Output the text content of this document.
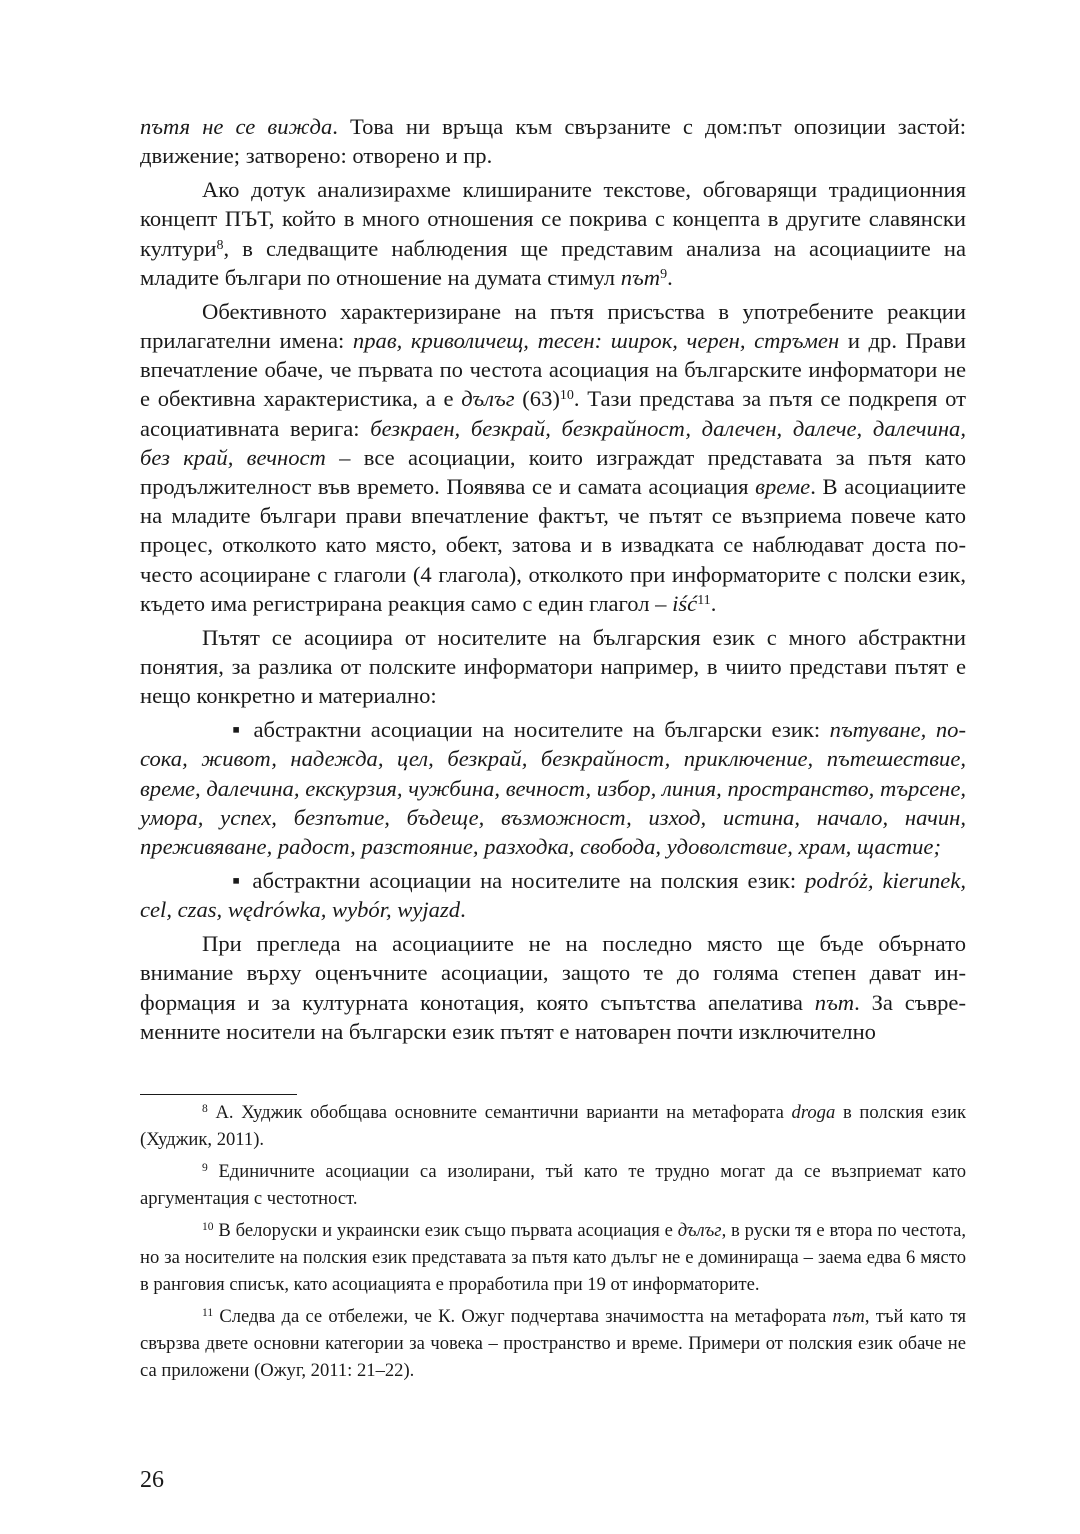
пътя не се вижда. Това ни връща към свързаните с дом:път опозиции застой: движение; затворено: отворено и пр.

Ако дотук анализирахме клишираните текстове, обговарящи традиционния концепт ПЪТ, който в много отношения се покрива с концепта в другите славянски култури$^8$, в следващите наблюдения ще представим анализа на асоциациите на младите българи по отношение на думата стимул път$^9$.

Обективното характеризиране на пътя присъства в употребените реакции прилагателни имена: прав, криволичещ, тесен: широк, черен, стръмен и др. Прави впечатление обаче, че първата по честота асоциация на българските информатори не е обективна характеристика, а е дълъг $(63)^{10}$. Тази представа за пътя се подкрепя от асоциативната верига: безкраен, безкрай, безкрайност, далечен, далече, далечина, без край, вечност – все асоциации, които изграждат представата за пътя като продължителност във времето. Появява се и самата асоциация време. В асоциациите на младите българи прави впечатление фактът, че пътят се възприема повече като процес, отколкото като място, обект, затова и в извадката се наблюдават доста по-често асоцииране с глаголи (4 глагола), отколкото при информаторите с полски език, където има регистрирана реакция само с един глагол – iść$^{11}$.

Пътят се асоциира от носителите на българския език с много абстрактни понятия, за разлика от полските информатори например, в чиито представи пътят е нещо конкретно и материално:

▪ абстрактни асоциации на носителите на български език: пътуване, посока, живот, надежда, цел, безкрай, безкрайност, приключение, пътешествие, време, далечина, екскурзия, чужбина, вечност, избор, линия, пространство, търсене, умора, успех, безпътие, бъдеще, възможност, изход, истина, начало, начин, преживяване, радост, разстояние, разходка, свобода, удоволствие, храм, щастие;

▪ абстрактни асоциации на носителите на полския език: podróż, kierunek, cel, czas, wędrówka, wybór, wyjazd.

При прегледа на асоциациите не на последно място ще бъде обърнато внимание върху оценъчните асоциации, защото те до голяма степен дават информация и за културната конотация, която съпътства апелатива път. За съвременните носители на български език пътят е натоварен почти изключително

$^8$ А. Худжик обобщава основните семантични варианти на метафората droga в полския език (Худжик, 2011).

$^9$ Единичните асоциации са изолирани, тъй като те трудно могат да се възприемат като аргументация с честотност.

$^{10}$ В белоруски и украински език също първата асоциация е дълъг, в руски тя е втора по честота, но за носителите на полския език представата за пътя като дълъг не е доминираща – заема едва 6 място в ранговия списък, като асоциацията е проработила при 19 от информаторите.

$^{11}$ Следва да се отбележи, че К. Ожуг подчертава значимостта на метафората път, тъй като тя свързва двете основни категории за човека – пространство и време. Примери от полския език обаче не са приложени (Ожуг, 2011: 21–22).

26
